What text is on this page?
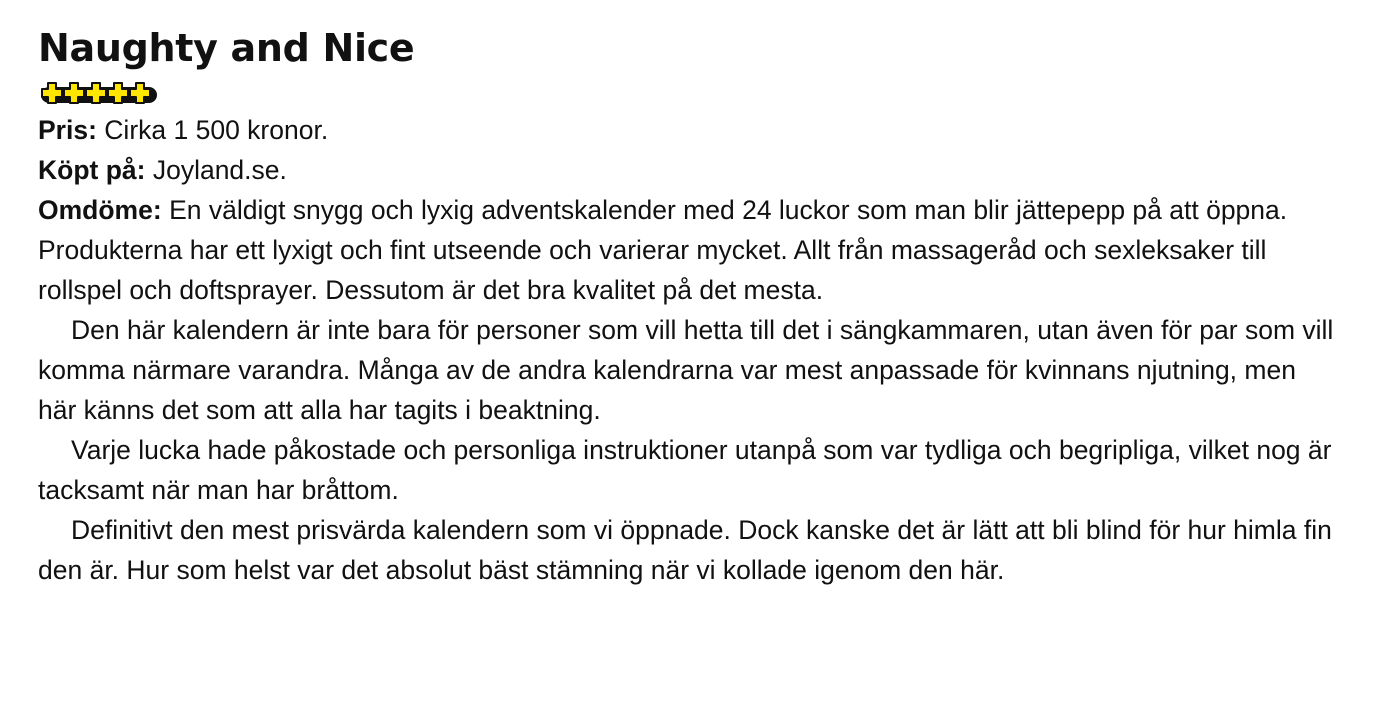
Naughty and Nice

Pris: Cirka 1 500 kronor.

Köpt på: Joyland.se.

Omdöme: En väldigt snygg och lyxig adventskalender med 24 luckor som man blir jättepepp på att öppna. Produkterna har ett lyxigt och fint utseende och varierar mycket. Allt från massageråd och sexleksaker till rollspel och doftsprayer. Dessutom är det bra kvalitet på det mesta.

Den här kalendern är inte bara för personer som vill hetta till det i sängkammaren, utan även för par som vill komma närmare varandra. Många av de andra kalendrarna var mest anpassade för kvinnans njutning, men här känns det som att alla har tagits i beaktning.

Varje lucka hade påkostade och personliga instruktioner utanpå som var tydliga och begripliga, vilket nog är tacksamt när man har bråttom.

Definitivt den mest prisvärda kalendern som vi öppnade. Dock kanske det är lätt att bli blind för hur himla fin den är. Hur som helst var det absolut bäst stämning när vi kollade igenom den här.
